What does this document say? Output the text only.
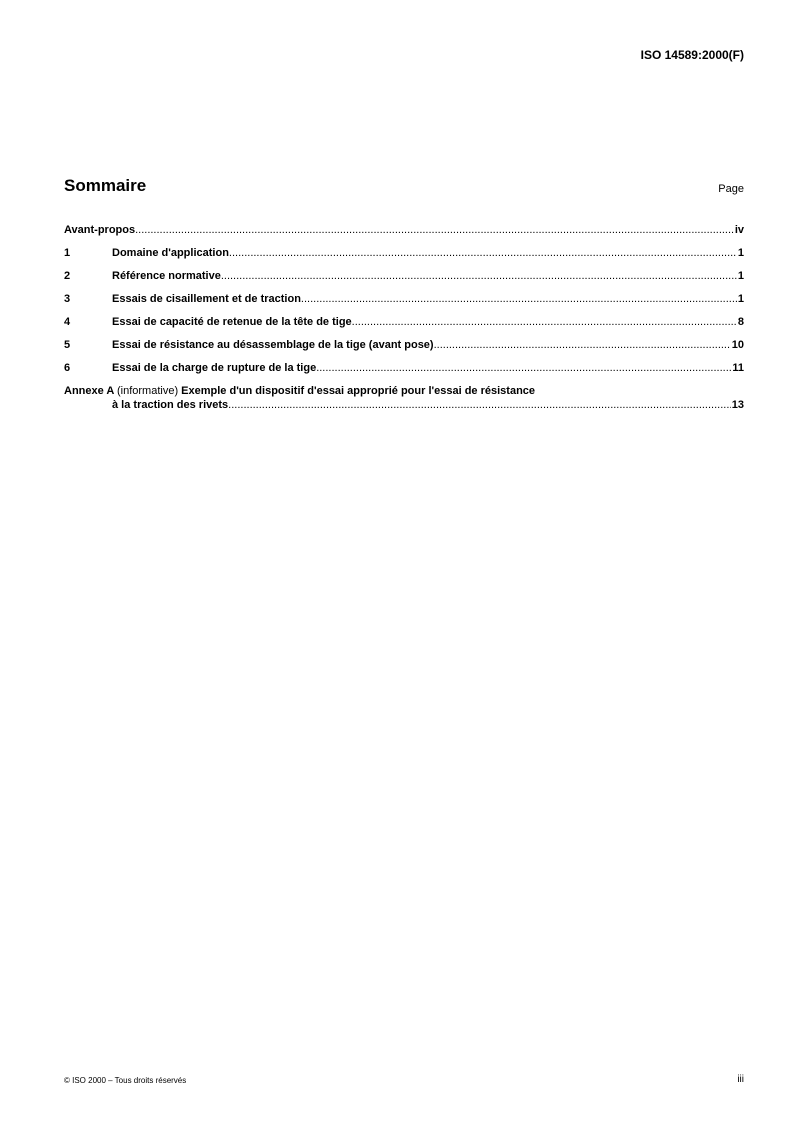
ISO 14589:2000(F)
Sommaire	Page
Avant-propos .....	iv
1	Domaine d'application .....	1
2	Référence normative .....	1
3	Essais de cisaillement et de traction .....	1
4	Essai de capacité de retenue de la tête de tige .....	8
5	Essai de résistance au désassemblage de la tige (avant pose) .....	10
6	Essai de la charge de rupture de la tige .....	11
Annexe A (informative) Exemple d'un dispositif d'essai approprié pour l'essai de résistance
à la traction des rivets .....	13
© ISO 2000 – Tous droits réservés	iii
